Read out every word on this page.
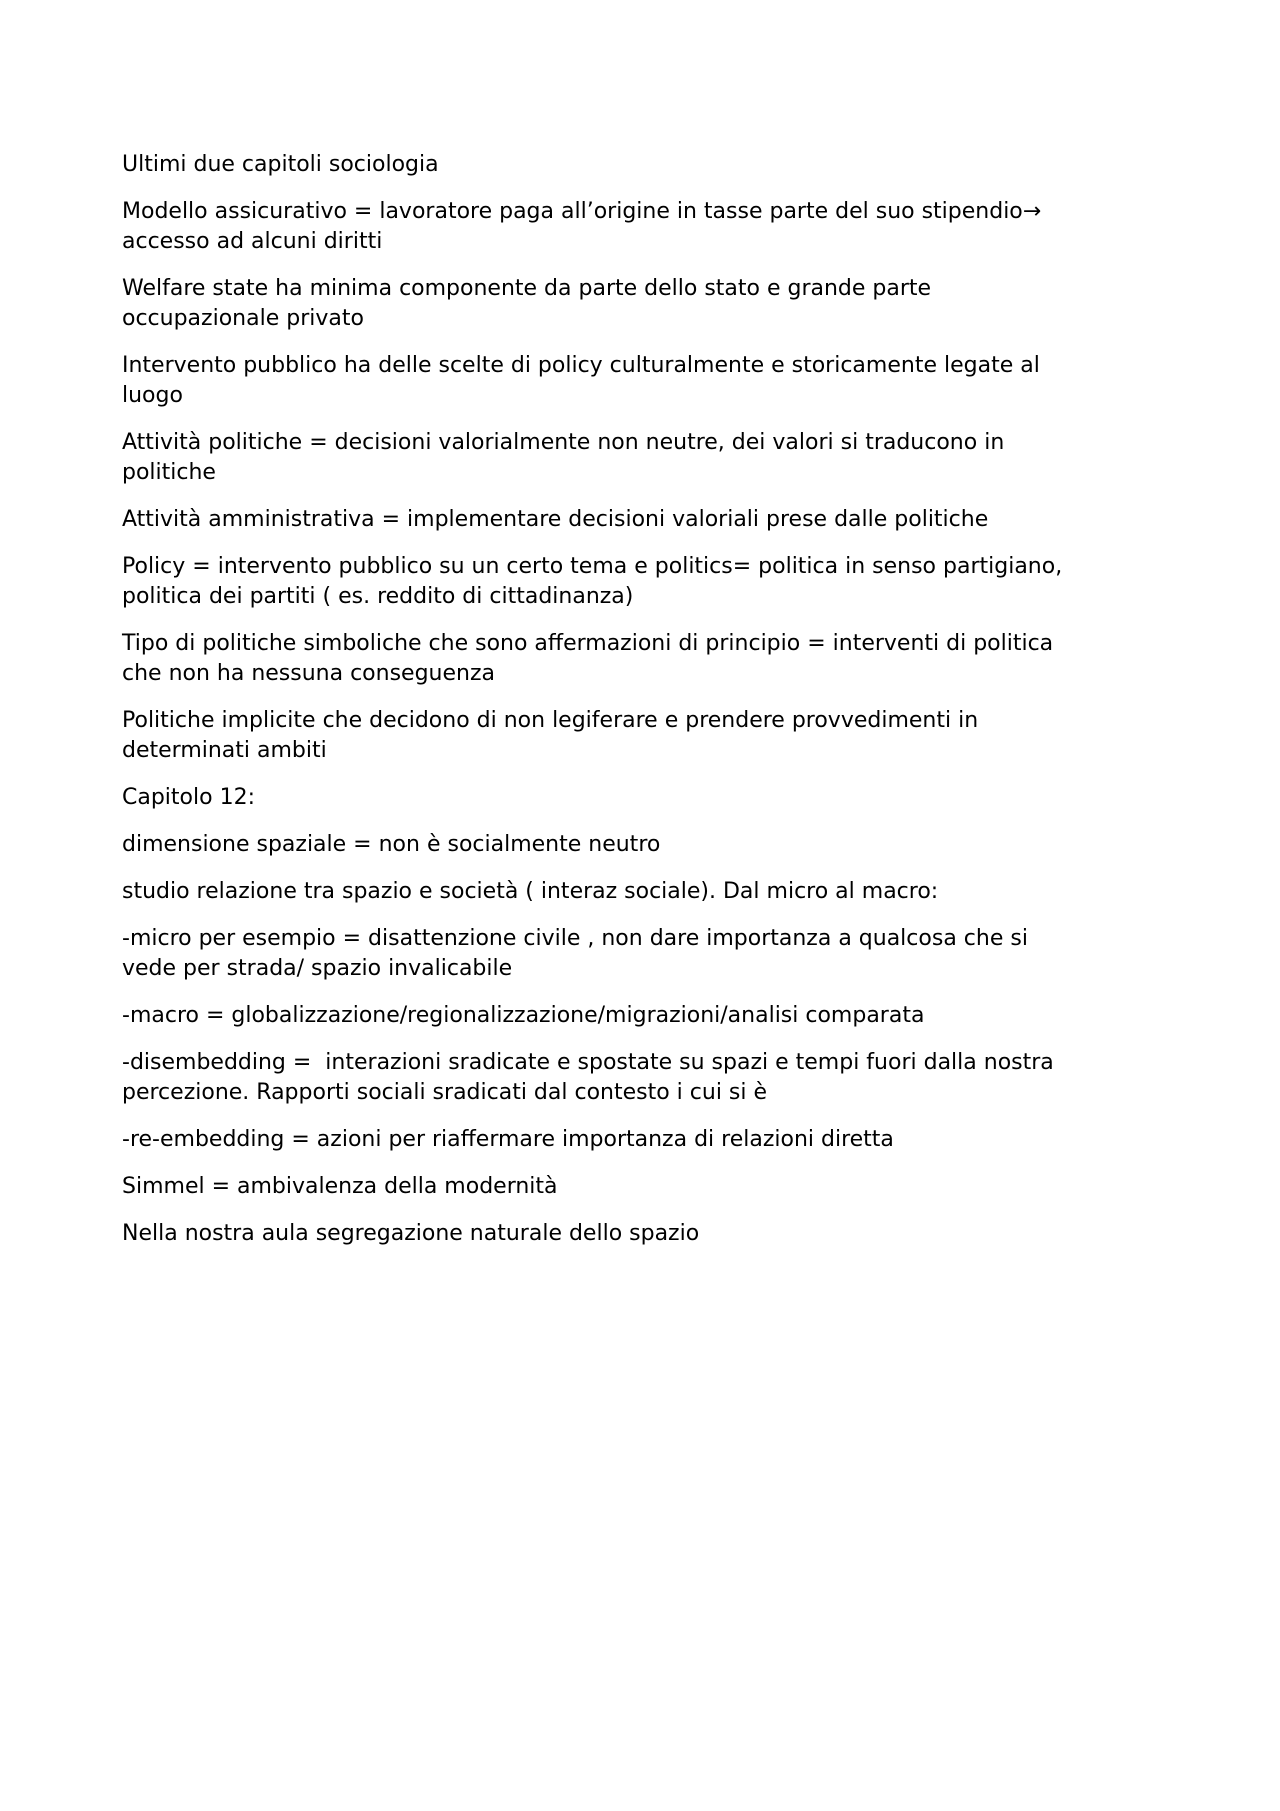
Ultimi due capitoli sociologia

Modello assicurativo = lavoratore paga all’origine in tasse parte del suo stipendio→
accesso ad alcuni diritti

Welfare state ha minima componente da parte dello stato e grande parte
occupazionale privato

Intervento pubblico ha delle scelte di policy culturalmente e storicamente legate al
luogo

Attività politiche = decisioni valorialmente non neutre, dei valori si traducono in
politiche

Attività amministrativa = implementare decisioni valoriali prese dalle politiche

Policy = intervento pubblico su un certo tema e politics= politica in senso partigiano,
politica dei partiti ( es. reddito di cittadinanza)

Tipo di politiche simboliche che sono affermazioni di principio = interventi di politica
che non ha nessuna conseguenza

Politiche implicite che decidono di non legiferare e prendere provvedimenti in
determinati ambiti

Capitolo 12:

dimensione spaziale = non è socialmente neutro

studio relazione tra spazio e società ( interaz sociale). Dal micro al macro:

-micro per esempio = disattenzione civile , non dare importanza a qualcosa che si
vede per strada/ spazio invalicabile

-macro = globalizzazione/regionalizzazione/migrazioni/analisi comparata

-disembedding =  interazioni sradicate e spostate su spazi e tempi fuori dalla nostra
percezione. Rapporti sociali sradicati dal contesto i cui si è

-re-embedding = azioni per riaffermare importanza di relazioni diretta

Simmel = ambivalenza della modernità

Nella nostra aula segregazione naturale dello spazio
